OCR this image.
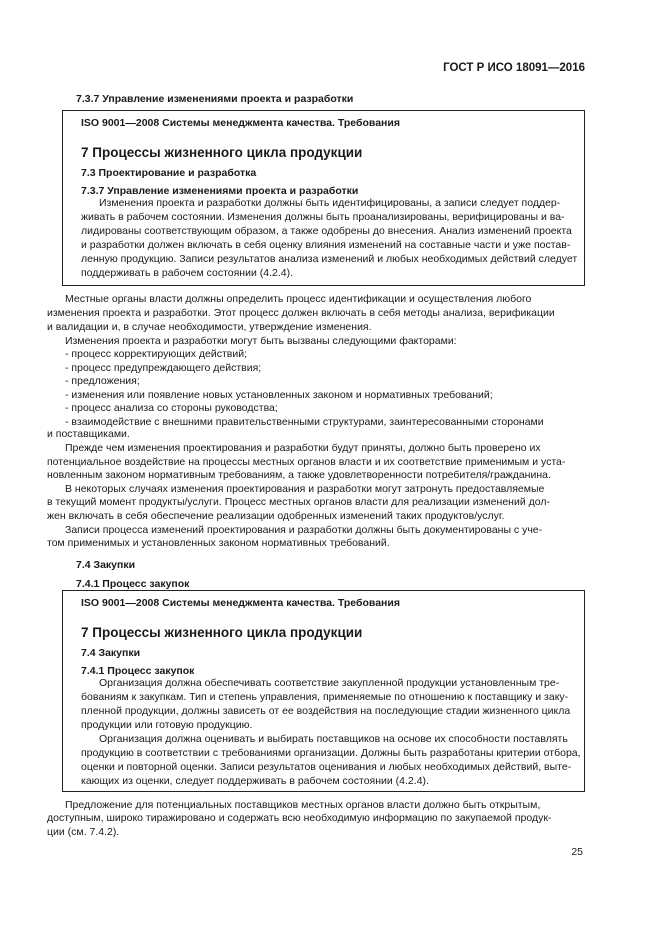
ГОСТ Р ИСО 18091—2016
7.3.7 Управление изменениями проекта и разработки
ISO 9001—2008 Системы менеджмента качества. Требования
7 Процессы жизненного цикла продукции
7.3 Проектирование и разработка
7.3.7 Управление изменениями проекта и разработки
Изменения проекта и разработки должны быть идентифицированы, а записи следует поддер-
живать в рабочем состоянии. Изменения должны быть проанализированы, верифицированы и ва-
лидированы соответствующим образом, а также одобрены до внесения. Анализ изменений проекта
и разработки должен включать в себя оценку влияния изменений на составные части и уже постав-
ленную продукцию. Записи результатов анализа изменений и любых необходимых действий следует
поддерживать в рабочем состоянии (4.2.4).
Местные органы власти должны определить процесс идентификации и осуществления любого
изменения проекта и разработки. Этот процесс должен включать в себя методы анализа, верификации
и валидации и, в случае необходимости, утверждение изменения.
Изменения проекта и разработки могут быть вызваны следующими факторами:
- процесс корректирующих действий;
- процесс предупреждающего действия;
- предложения;
- изменения или появление новых установленных законом и нормативных требований;
- процесс анализа со стороны руководства;
- взаимодействие с внешними правительственными структурами, заинтересованными сторонами
и поставщиками.
Прежде чем изменения проектирования и разработки будут приняты, должно быть проверено их
потенциальное воздействие на процессы местных органов власти и их соответствие применимым и уста-
новленным законом нормативным требованиям, а также удовлетворенности потребителя/гражданина.
В некоторых случаях изменения проектирования и разработки могут затронуть предоставляемые
в текущий момент продукты/услуги. Процесс местных органов власти для реализации изменений дол-
жен включать в себя обеспечение реализации одобренных изменений таких продуктов/услуг.
Записи процесса изменений проектирования и разработки должны быть документированы с уче-
том применимых и установленных законом нормативных требований.
7.4 Закупки
7.4.1 Процесс закупок
ISO 9001—2008 Системы менеджмента качества. Требования
7 Процессы жизненного цикла продукции
7.4 Закупки
7.4.1 Процесс закупок
Организация должна обеспечивать соответствие закупленной продукции установленным тре-
бованиям к закупкам. Тип и степень управления, применяемые по отношению к поставщику и заку-
пленной продукции, должны зависеть от ее воздействия на последующие стадии жизненного цикла
продукции или готовую продукцию.
Организация должна оценивать и выбирать поставщиков на основе их способности поставлять
продукцию в соответствии с требованиями организации. Должны быть разработаны критерии отбора,
оценки и повторной оценки. Записи результатов оценивания и любых необходимых действий, выте-
кающих из оценки, следует поддерживать в рабочем состоянии (4.2.4).
Предложение для потенциальных поставщиков местных органов власти должно быть открытым,
доступным, широко тиражировано и содержать всю необходимую информацию по закупаемой продук-
ции (см. 7.4.2).
25
